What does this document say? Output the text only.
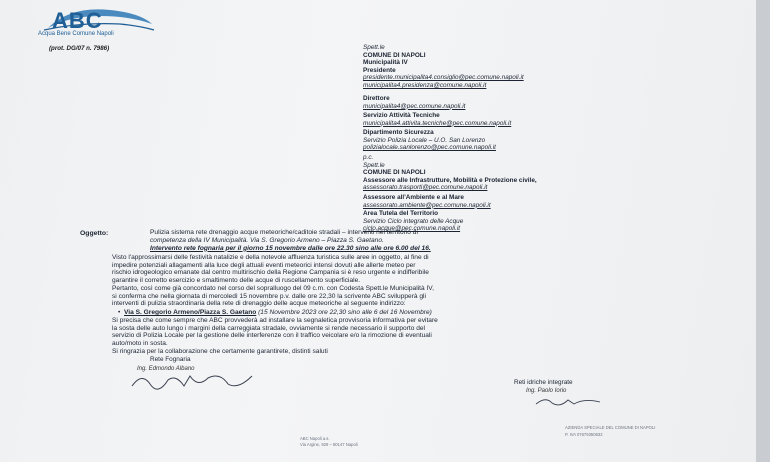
ABC
Acqua Bene Comune Napoli
(prot. DG/07 n. 7986)	Spett.le
COMUNE DI NAPOLI
Municipalità IV
Presidente
presidente.municipalita4.consiglio@pec.comune.napoli.it
municipalita4.presidenza@comune.napoli.it
Direttore
municipalita4@pec.comune.napoli.it
Servizio Attività Tecniche
municipalita4.attivita.tecniche@pec.comune.napoli.it
Dipartimento Sicurezza
Servizio Polizia Locale – U.O. San Lorenzo
polizialocale.sanlorenzo@pec.comune.napoli.it
p.c.
Spett.le
COMUNE DI NAPOLI
Assessore alle Infrastrutture, Mobilità e Protezione civile,
assessorato.trasporti@pec.comune.napoli.it
Assessore all'Ambiente e al Mare
assessorato.ambiente@pec.comune.napoli.it
Area Tutela del Territorio
Servizio Ciclo integrato delle Acque
ciclo.acque@pec.comune.napoli.it
Oggetto:	Pulizia sistema rete drenaggio acque meteoriche/caditoie stradali – interventi nel territorio di
competenza della IV Municipalità. Via S. Gregorio Armeno – Piazza S. Gaetano.
Intervento rete fognaria per il giorno 15 novembre dalle ore 22.30 sino alle ore 6.00 del 16.
Visto l'approssimarsi delle festività natalizie e della notevole affluenza turistica sulle aree in oggetto, al fine di
impedire potenziali allagamenti alla luce degli attuali eventi meteorici intensi dovuti alle allerte meteo per
rischio idrogeologico emanate dal centro multirischio della Regione Campania si è reso urgente e indifferibile
garantire il corretto esercizio e smaltimento delle acque di ruscellamento superficiale.
Pertanto, così come già concordato nel corso del sopralluogo del 09 c.m. con Codesta Spett.le Municipalità IV,
si conferma che nella giornata di mercoledì 15 novembre p.v. dalle ore 22,30 la scrivente ABC svilupperà gli
interventi di pulizia straordinaria della rete di drenaggio delle acque meteoriche al seguente indirizzo:
•  Via S. Gregorio Armeno/Piazza S. Gaetano (15 Novembre 2023 ore 22,30 sino alle 6 del 16 Novembre)
Si precisa che come sempre che ABC provvederà ad installare la segnaletica provvisoria informativa per evitare
la sosta delle auto lungo i margini della carreggiata stradale, ovviamente si rende necessario il supporto del
servizio di Polizia Locale per la gestione delle interferenze con il traffico veicolare e/o la rimozione di eventuali
auto/moto in sosta.
Si ringrazia per la collaborazione che certamente garantirete, distinti saluti
Rete Fognaria
Ing. Edmondo Albano
Reti idriche integrate
Ing. Paolo Iorio
ABC Napoli a.s.
Via Argine, 929 – 80147 Napoli
AZIENDA SPECIALE DEL COMUNE DI NAPOLI
P. IVA 07679350632
